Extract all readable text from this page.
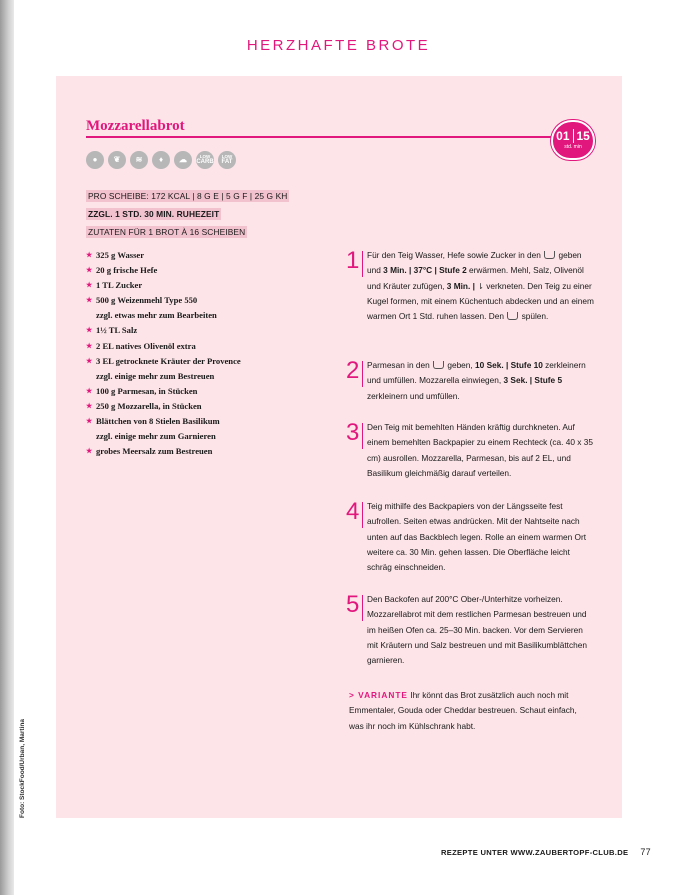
Foto: StockFood/Urban, Martina
HERZHAFTE BROTE
Mozzarellabrot
01 15
std. min
●	❦	≋	♦	☁	LOW
CARB
LOW
FAT
PRO SCHEIBE: 172 KCAL | 8 G E | 5 G F | 25 G KH
ZZGL. 1 STD. 30 MIN. RUHEZEIT
ZUTATEN FÜR 1 BROT À 16 SCHEIBEN
★ 325 g Wasser
★ 20 g frische Hefe
★ 1 TL Zucker
★ 500 g Weizenmehl Type 550
zzgl. etwas mehr zum Bearbeiten
★ 1½ TL Salz
★ 2 EL natives Olivenöl extra
★ 3 EL getrocknete Kräuter der Provence
zzgl. einige mehr zum Bestreuen
★ 100 g Parmesan, in Stücken
★ 250 g Mozzarella, in Stücken
★ Blättchen von 8 Stielen Basilikum
zzgl. einige mehr zum Garnieren
★ grobes Meersalz zum Bestreuen
1 Für den Teig Wasser, Hefe sowie Zucker in den  geben und 3 Min. | 37°C | Stufe 2 erwärmen. Mehl, Salz, Olivenöl und Kräuter zufügen, 3 Min. | ⇂ verkneten. Den Teig zu einer Kugel formen, mit einem Küchentuch abdecken und an einem warmen Ort 1 Std. ruhen lassen. Den  spülen.
2 Parmesan in den  geben, 10 Sek. | Stufe 10 zerkleinern und umfüllen. Mozzarella einwiegen, 3 Sek. | Stufe 5 zerkleinern und umfüllen.
3 Den Teig mit bemehlten Händen kräftig durchkneten. Auf einem bemehlten Backpapier zu einem Rechteck (ca. 40 x 35 cm) ausrollen. Mozzarella, Parmesan, bis auf 2 EL, und Basilikum gleichmäßig darauf verteilen.
4 Teig mithilfe des Backpapiers von der Längsseite fest aufrollen. Seiten etwas andrücken. Mit der Nahtseite nach unten auf das Backblech legen. Rolle an einem warmen Ort weitere ca. 30 Min. gehen lassen. Die Oberfläche leicht schräg einschneiden.
5 Den Backofen auf 200°C Ober-/Unterhitze vorheizen. Mozzarellabrot mit dem restlichen Parmesan bestreuen und im heißen Ofen ca. 25–30 Min. backen. Vor dem Servieren mit Kräutern und Salz bestreuen und mit Basilikumblättchen garnieren.
> VARIANTE Ihr könnt das Brot zusätzlich auch noch mit Emmentaler, Gouda oder Cheddar bestreuen. Schaut einfach, was ihr noch im Kühlschrank habt.
REZEPTE UNTER WWW.ZAUBERTOPF-CLUB.DE 77
